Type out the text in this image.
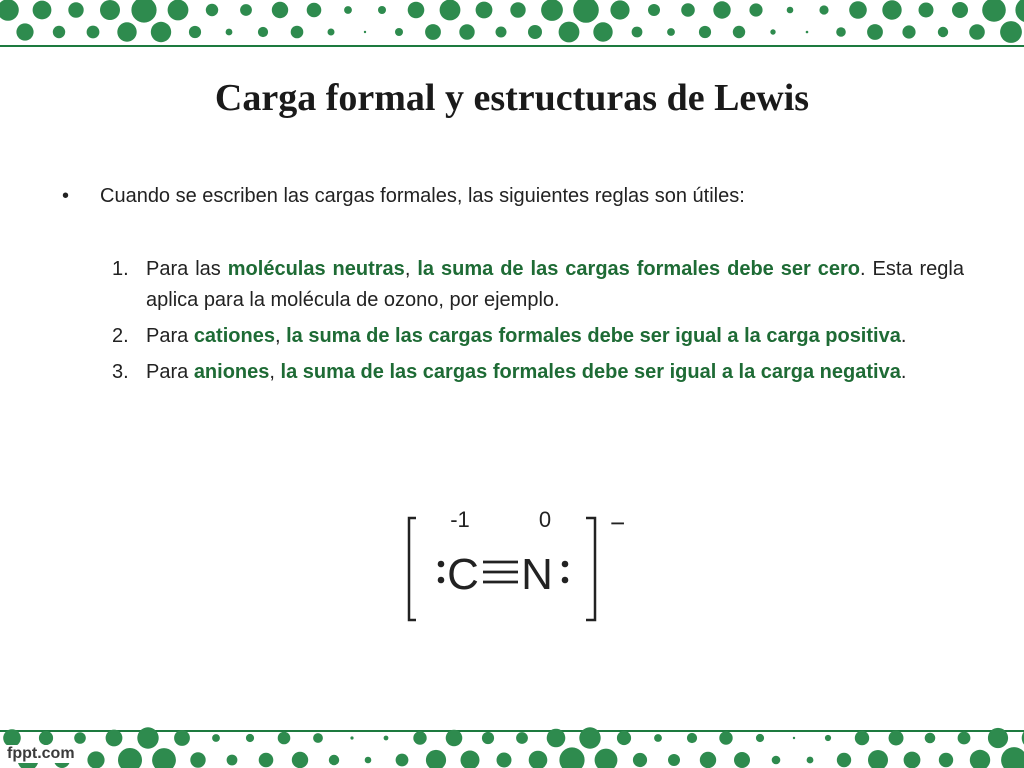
Carga formal y estructuras de Lewis
• Cuando se escriben las cargas formales, las siguientes reglas son útiles:
1. Para las moléculas neutras, la suma de las cargas formales debe ser cero. Esta regla aplica para la molécula de ozono, por ejemplo.
2. Para cationes, la suma de las cargas formales debe ser igual a la carga positiva.
3. Para aniones, la suma de las cargas formales debe ser igual a la carga negativa.
−
-1	0
C N
fppt.com
